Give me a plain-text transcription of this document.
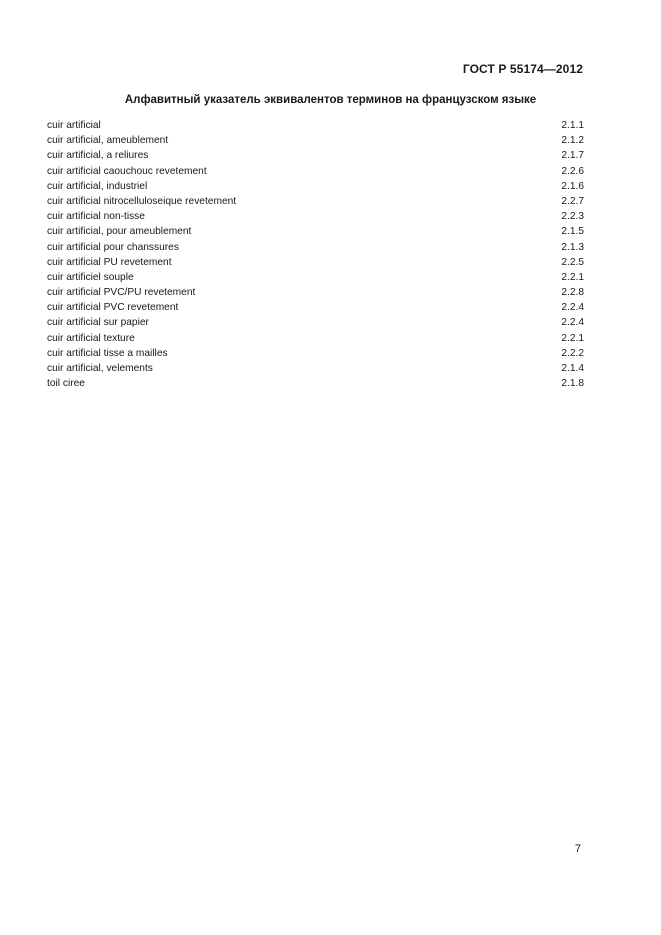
ГОСТ Р 55174—2012
Алфавитный указатель эквивалентов терминов на французском языке
cuir artificial	2.1.1
cuir artificial, ameublement	2.1.2
cuir artificial, a reliures	2.1.7
cuir artificial caouchouc revetement	2.2.6
cuir artificial, industriel	2.1.6
cuir artificial nitrocelluloseique revetement	2.2.7
cuir artificial non-tisse	2.2.3
cuir artificial, pour ameublement	2.1.5
cuir artificial pour chanssures	2.1.3
cuir artificial PU revetement	2.2.5
cuir artificiel souple	2.2.1
cuir artificial PVC/PU revetement	2.2.8
cuir artificial PVC revetement	2.2.4
cuir artificial sur papier	2.2.4
cuir artificial texture	2.2.1
cuir artificial tisse a mailles	2.2.2
cuir artificial, velements	2.1.4
toil ciree	2.1.8
7
